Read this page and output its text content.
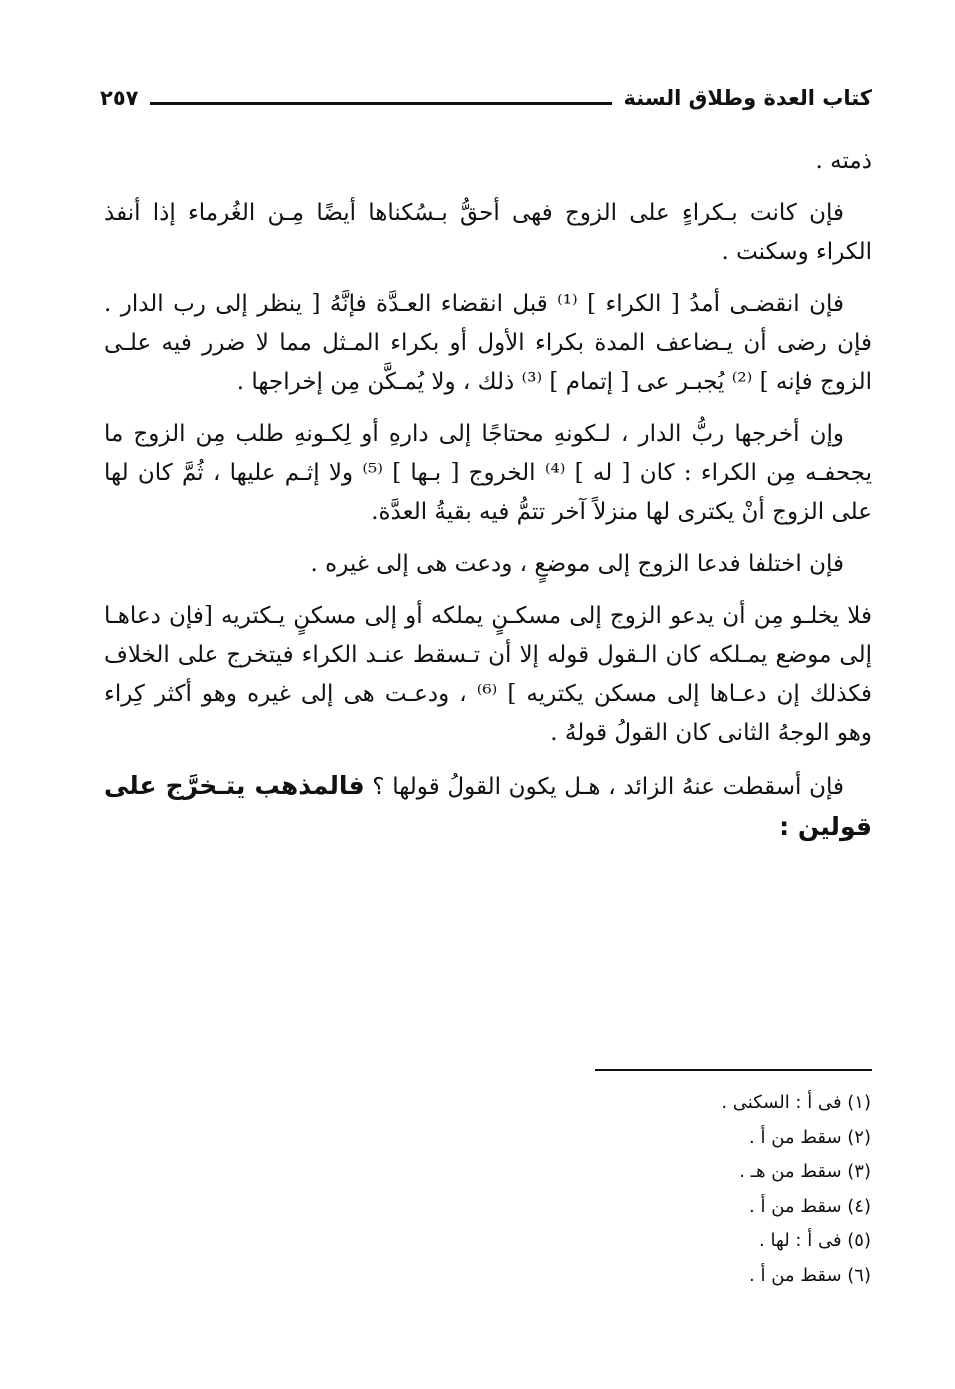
كتاب العدة وطلاق السنة
٢٥٧

ذمته .

فإن كانت بـكراءٍ على الزوج فهى أحقُّ بـسُكناها أيضًا مِـن الغُرماء إذا أنفذ الكراء وسكنت .

فإن انقضـى أمدُ [ الكراء ] ⁽¹⁾ قبل انقضاء العـدَّة فإنَّهُ [ ينظر إلى رب الدار . فإن رضى أن يـضاعف المدة بكراء الأول أو بكراء المـثل مما لا ضرر فيه علـى الزوج فإنه ] ⁽²⁾ يُجبـر عى [ إتمام ] ⁽³⁾ ذلك ، ولا يُمـكَّن مِن إخراجها .

وإن أخرجها ربُّ الدار ، لـكونهِ محتاجًا إلى دارهِ أو لِكـونهِ طلب مِن الزوج ما يجحفـه مِن الكراء : كان [ له ] ⁽⁴⁾ الخروج [ بـها ] ⁽⁵⁾ ولا إثـم عليها ، ثُمَّ كان لها على الزوج أنْ يكترى لها منزلاً آخر تتمُّ فيه بقيةُ العدَّة.

فإن اختلفا فدعا الزوج إلى موضعٍ ، ودعت هى إلى غيره .

فلا يخلـو مِن أن يدعو الزوج إلى مسكـنٍ يملكه أو إلى مسكنٍ يـكتريه [فإن دعاهـا إلى موضع يمـلكه كان الـقول قوله إلا أن تـسقط عنـد الكراء فيتخرج على الخلاف فكذلك إن دعـاها إلى مسكن يكتريه ] ⁽⁶⁾ ، ودعـت هى إلى غيره وهو أكثر كِراء وهو الوجهُ الثانى كان القولُ قولهُ .

فإن أسقطت عنهُ الزائد ، هـل يكون القولُ قولها ؟ فالمذهب يتـخرَّج على قولين :

(١) فى أ : السكنى .
(٢) سقط من أ .
(٣) سقط من هـ .
(٤) سقط من أ .
(٥) فى أ : لها .
(٦) سقط من أ .
